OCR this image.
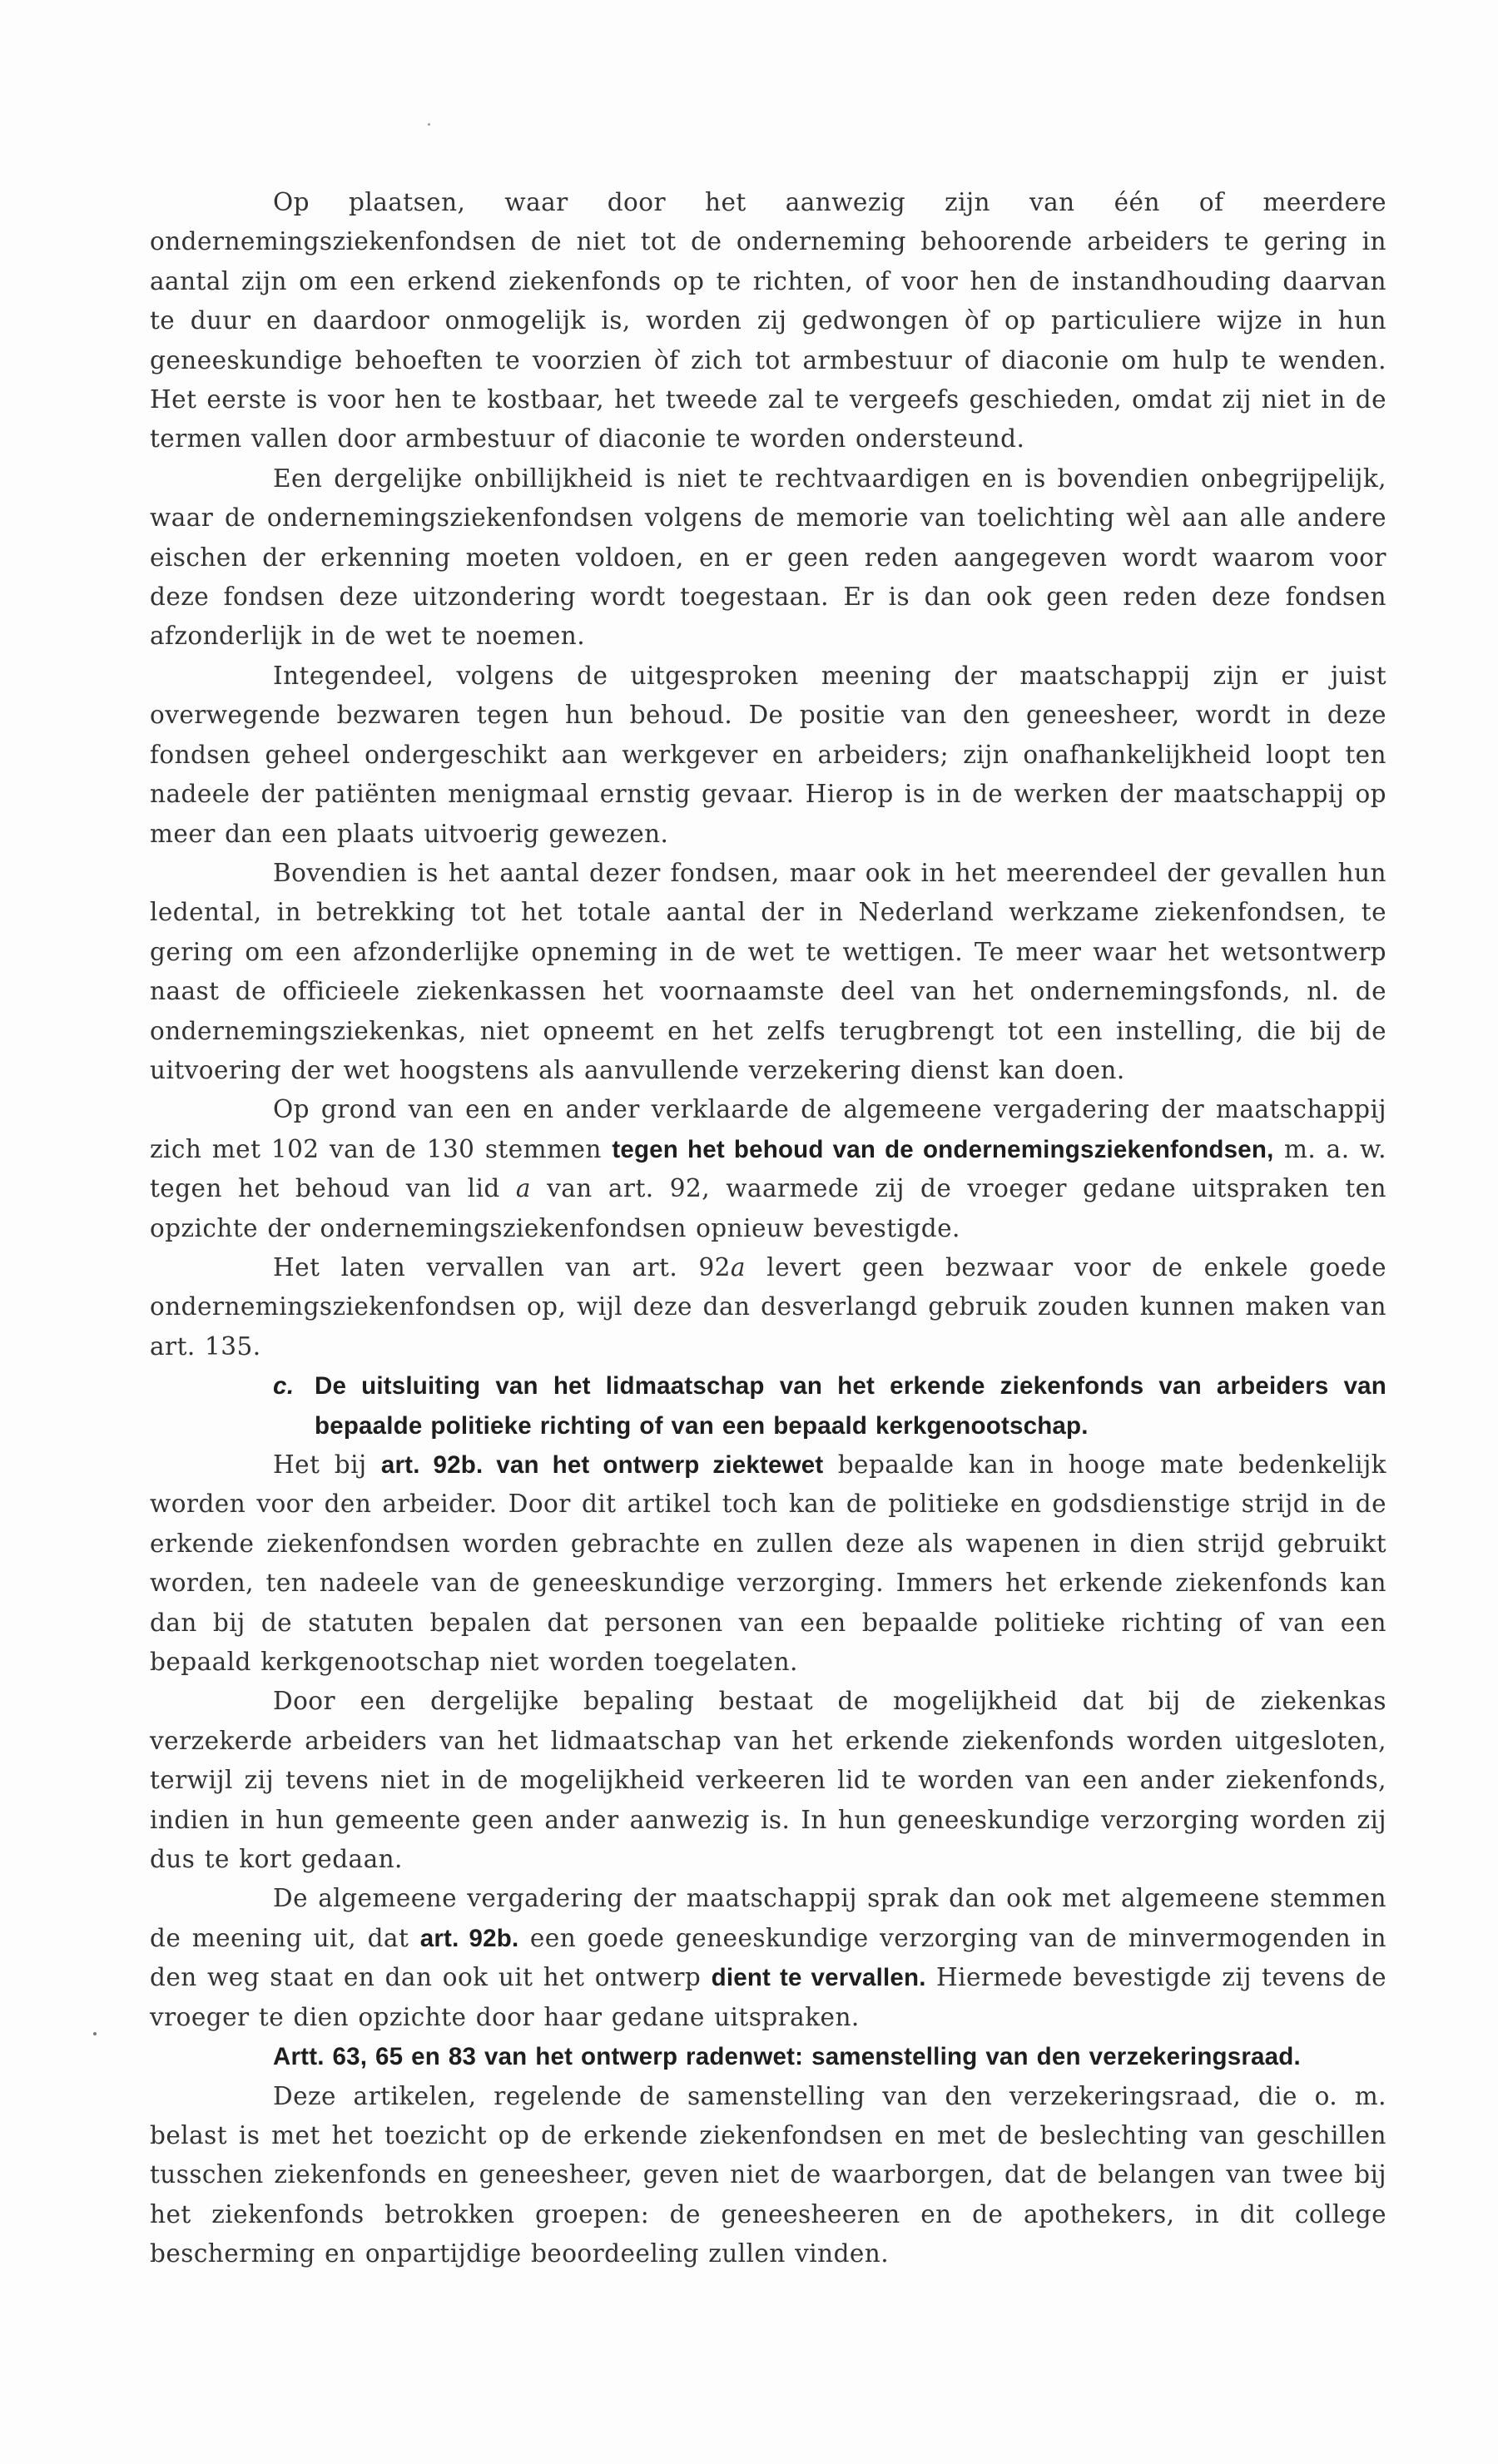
Op plaatsen, waar door het aanwezig zijn van één of meerdere ondernemingsziekenfondsen de niet tot de onderneming behoorende arbeiders te gering in aantal zijn om een erkend ziekenfonds op te richten, of voor hen de instandhouding daarvan te duur en daardoor onmogelijk is, worden zij gedwongen òf op particuliere wijze in hun geneeskundige behoeften te voorzien òf zich tot armbestuur of diaconie om hulp te wenden. Het eerste is voor hen te kostbaar, het tweede zal te vergeefs geschieden, omdat zij niet in de termen vallen door armbestuur of diaconie te worden ondersteund.

Een dergelijke onbillijkheid is niet te rechtvaardigen en is bovendien onbegrijpelijk, waar de ondernemingsziekenfondsen volgens de memorie van toelichting wèl aan alle andere eischen der erkenning moeten voldoen, en er geen reden aangegeven wordt waarom voor deze fondsen deze uitzondering wordt toegestaan. Er is dan ook geen reden deze fondsen afzonderlijk in de wet te noemen.

Integendeel, volgens de uitgesproken meening der maatschappij zijn er juist overwegende bezwaren tegen hun behoud. De positie van den geneesheer, wordt in deze fondsen geheel ondergeschikt aan werkgever en arbeiders; zijn onafhankelijkheid loopt ten nadeele der patiënten menigmaal ernstig gevaar. Hierop is in de werken der maatschappij op meer dan een plaats uitvoerig gewezen.

Bovendien is het aantal dezer fondsen, maar ook in het meerendeel der gevallen hun ledental, in betrekking tot het totale aantal der in Nederland werkzame ziekenfondsen, te gering om een afzonderlijke opneming in de wet te wettigen. Te meer waar het wetsontwerp naast de officieele ziekenkassen het voornaamste deel van het ondernemingsfonds, nl. de ondernemingsziekenkas, niet opneemt en het zelfs terugbrengt tot een instelling, die bij de uitvoering der wet hoogstens als aanvullende verzekering dienst kan doen.

Op grond van een en ander verklaarde de algemeene vergadering der maatschappij zich met 102 van de 130 stemmen tegen het behoud van de ondernemingsziekenfondsen, m. a. w. tegen het behoud van lid a van art. 92, waarmede zij de vroeger gedane uitspraken ten opzichte der ondernemingsziekenfondsen opnieuw bevestigde.

Het laten vervallen van art. 92a levert geen bezwaar voor de enkele goede ondernemingsziekenfondsen op, wijl deze dan desverlangd gebruik zouden kunnen maken van art. 135.

c. De uitsluiting van het lidmaatschap van het erkende ziekenfonds van arbeiders van bepaalde politieke richting of van een bepaald kerkgenootschap.

Het bij art. 92b. van het ontwerp ziektewet bepaalde kan in hooge mate bedenkelijk worden voor den arbeider. Door dit artikel toch kan de politieke en godsdienstige strijd in de erkende ziekenfondsen worden gebrachte en zullen deze als wapenen in dien strijd gebruikt worden, ten nadeele van de geneeskundige verzorging. Immers het erkende ziekenfonds kan dan bij de statuten bepalen dat personen van een bepaalde politieke richting of van een bepaald kerkgenootschap niet worden toegelaten.

Door een dergelijke bepaling bestaat de mogelijkheid dat bij de ziekenkas verzekerde arbeiders van het lidmaatschap van het erkende ziekenfonds worden uitgesloten, terwijl zij tevens niet in de mogelijkheid verkeeren lid te worden van een ander ziekenfonds, indien in hun gemeente geen ander aanwezig is. In hun geneeskundige verzorging worden zij dus te kort gedaan.

De algemeene vergadering der maatschappij sprak dan ook met algemeene stemmen de meening uit, dat art. 92b. een goede geneeskundige verzorging van de minvermogenden in den weg staat en dan ook uit het ontwerp dient te vervallen. Hiermede bevestigde zij tevens de vroeger te dien opzichte door haar gedane uitspraken.

Artt. 63, 65 en 83 van het ontwerp radenwet: samenstelling van den verzekeringsraad.

Deze artikelen, regelende de samenstelling van den verzekeringsraad, die o. m. belast is met het toezicht op de erkende ziekenfondsen en met de beslechting van geschillen tusschen ziekenfonds en geneesheer, geven niet de waarborgen, dat de belangen van twee bij het ziekenfonds betrokken groepen: de geneesheeren en de apothekers, in dit college bescherming en onpartijdige beoordeeling zullen vinden.
